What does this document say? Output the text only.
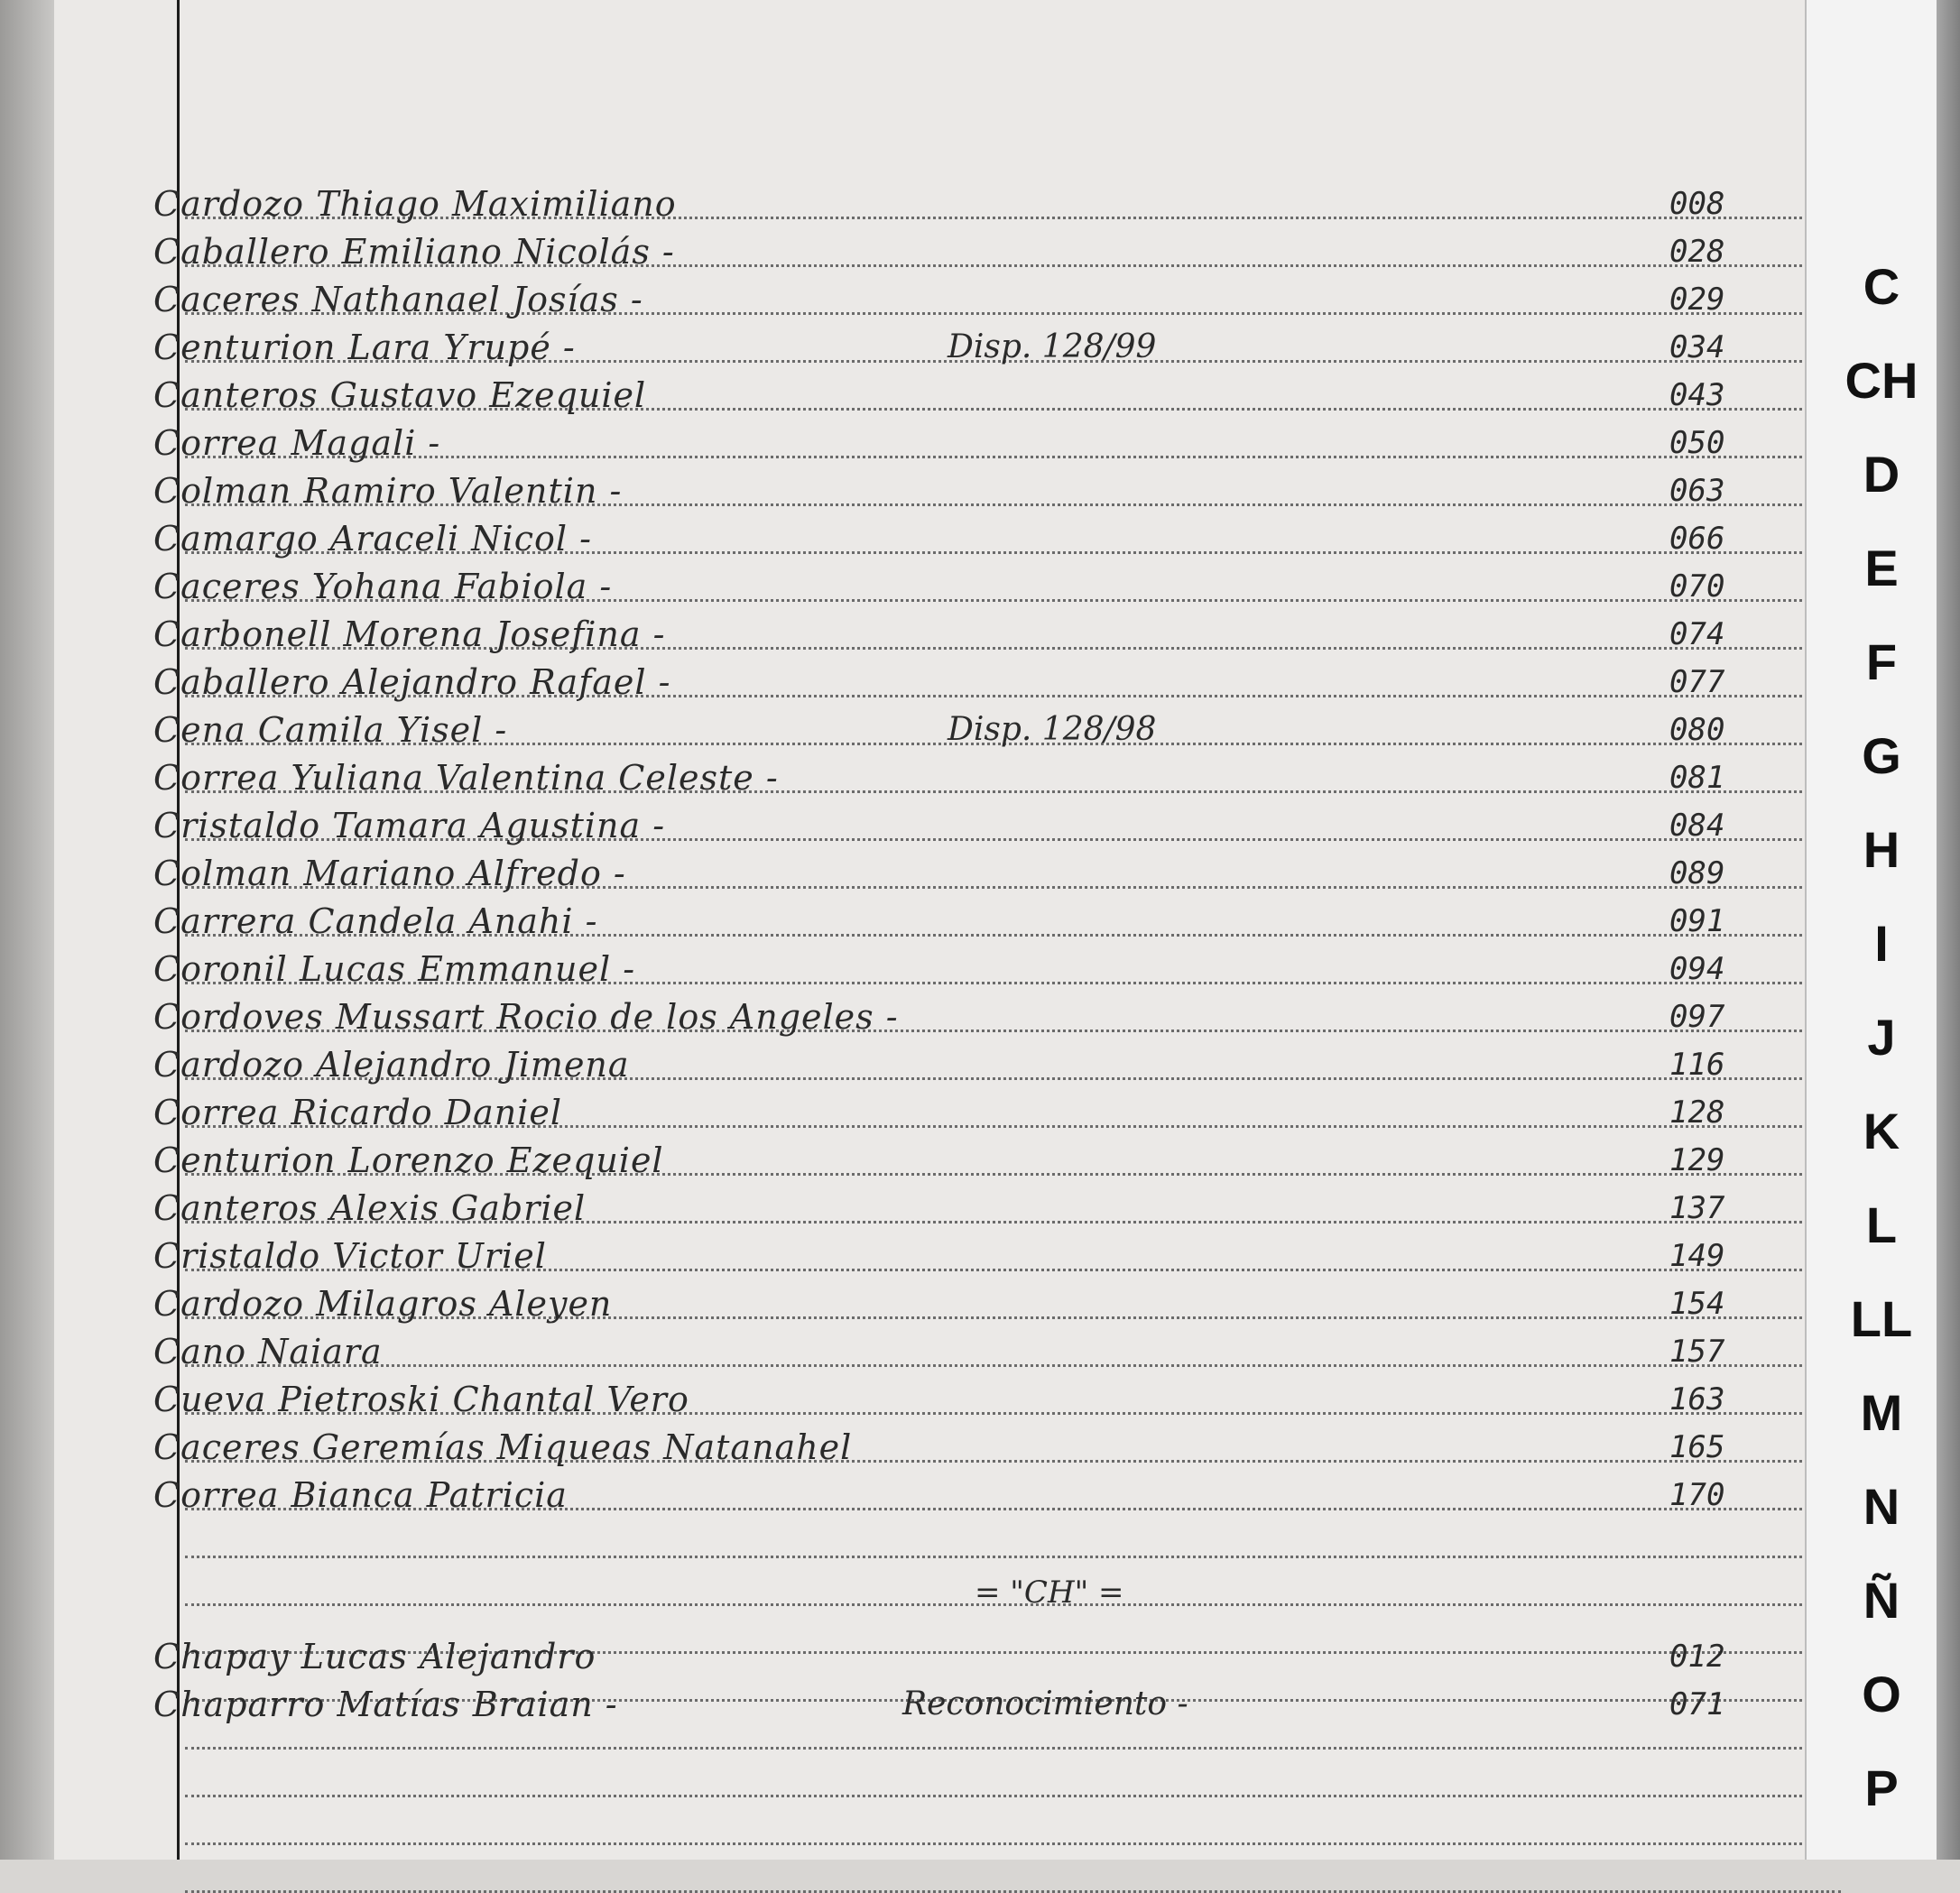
Cardozo Thiago Maximiliano	008
Caballero Emiliano Nicolás -	028
Caceres Nathanael Josías -	029
Centurion Lara Yrupé -	Disp. 128/99	034
Canteros Gustavo Ezequiel	043
Correa Magali -	050
Colman Ramiro Valentin -	063
Camargo Araceli Nicol -	066
Caceres Yohana Fabiola -	070
Carbonell Morena Josefina -	074
Caballero Alejandro Rafael -	077
Cena Camila Yisel -	Disp. 128/98	080
Correa Yuliana Valentina Celeste -	081
Cristaldo Tamara Agustina -	084
Colman Mariano Alfredo -	089
Carrera Candela Anahi -	091
Coronil Lucas Emmanuel -	094
Cordoves Mussart Rocio de los Angeles -	097
Cardozo Alejandro Jimena	116
Correa Ricardo Daniel	128
Centurion Lorenzo Ezequiel	129
Canteros Alexis Gabriel	137
Cristaldo Victor Uriel	149
Cardozo Milagros Aleyen	154
Cano Naiara	157
Cueva Pietroski Chantal Vero	163
Caceres Geremías Miqueas Natanahel	165
Correa Bianca Patricia	170
Chapay Lucas Alejandro	012
Chaparro Matías Braian -	Reconocimiento -	071
= "CH" =
C
CH
D
E
F
G
H
I
J
K
L
LL
M
N
Ñ
O
P
